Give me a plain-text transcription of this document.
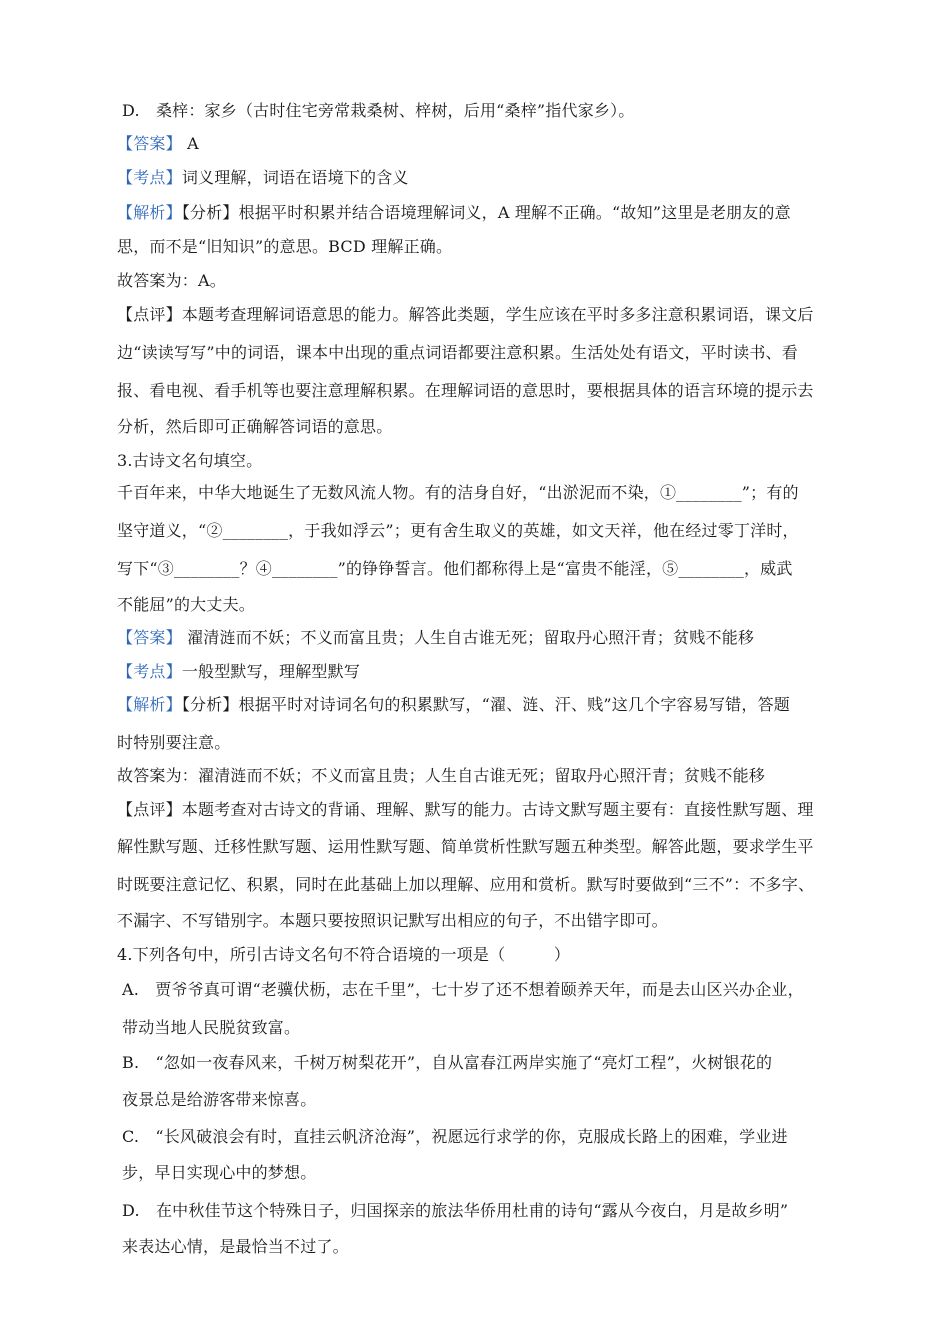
D. 桑梓：家乡（古时住宅旁常栽桑树、梓树，后用“桑梓”指代家乡）。
【答案】 A
【考点】词义理解，词语在语境下的含义
【解析】【分析】根据平时积累并结合语境理解词义，A 理解不正确。“故知”这里是老朋友的意
思，而不是“旧知识”的意思。BCD 理解正确。
故答案为：A。
【点评】本题考查理解词语意思的能力。解答此类题，学生应该在平时多多注意积累词语，课文后
边“读读写写”中的词语，课本中出现的重点词语都要注意积累。生活处处有语文，平时读书、看
报、看电视、看手机等也要注意理解积累。在理解词语的意思时，要根据具体的语言环境的提示去
分析，然后即可正确解答词语的意思。
3.古诗文名句填空。
千百年来，中华大地诞生了无数风流人物。有的洁身自好，“出淤泥而不染，①________”；有的
坚守道义，“②________，于我如浮云”；更有舍生取义的英雄，如文天祥，他在经过零丁洋时，
写下“③________？④________”的铮铮誓言。他们都称得上是“富贵不能淫，⑤________，威武
不能屈”的大丈夫。
【答案】 濯清涟而不妖；不义而富且贵；人生自古谁无死；留取丹心照汗青；贫贱不能移
【考点】一般型默写，理解型默写
【解析】【分析】根据平时对诗词名句的积累默写，“濯、涟、汗、贱”这几个字容易写错，答题
时特别要注意。
故答案为：濯清涟而不妖；不义而富且贵；人生自古谁无死；留取丹心照汗青；贫贱不能移
【点评】本题考查对古诗文的背诵、理解、默写的能力。古诗文默写题主要有：直接性默写题、理
解性默写题、迁移性默写题、运用性默写题、简单赏析性默写题五种类型。解答此题，要求学生平
时既要注意记忆、积累，同时在此基础上加以理解、应用和赏析。默写时要做到“三不”：不多字、
不漏字、不写错别字。本题只要按照识记默写出相应的句子，不出错字即可。
4.下列各句中，所引古诗文名句不符合语境的一项是（   ）
A. 贾爷爷真可谓“老骥伏枥，志在千里”，七十岁了还不想着颐养天年，而是去山区兴办企业，
带动当地人民脱贫致富。
B. “忽如一夜春风来，千树万树梨花开”，自从富春江两岸实施了“亮灯工程”，火树银花的
夜景总是给游客带来惊喜。
C. “长风破浪会有时，直挂云帆济沧海”，祝愿远行求学的你，克服成长路上的困难，学业进
步，早日实现心中的梦想。
D. 在中秋佳节这个特殊日子，归国探亲的旅法华侨用杜甫的诗句“露从今夜白，月是故乡明”
来表达心情，是最恰当不过了。
